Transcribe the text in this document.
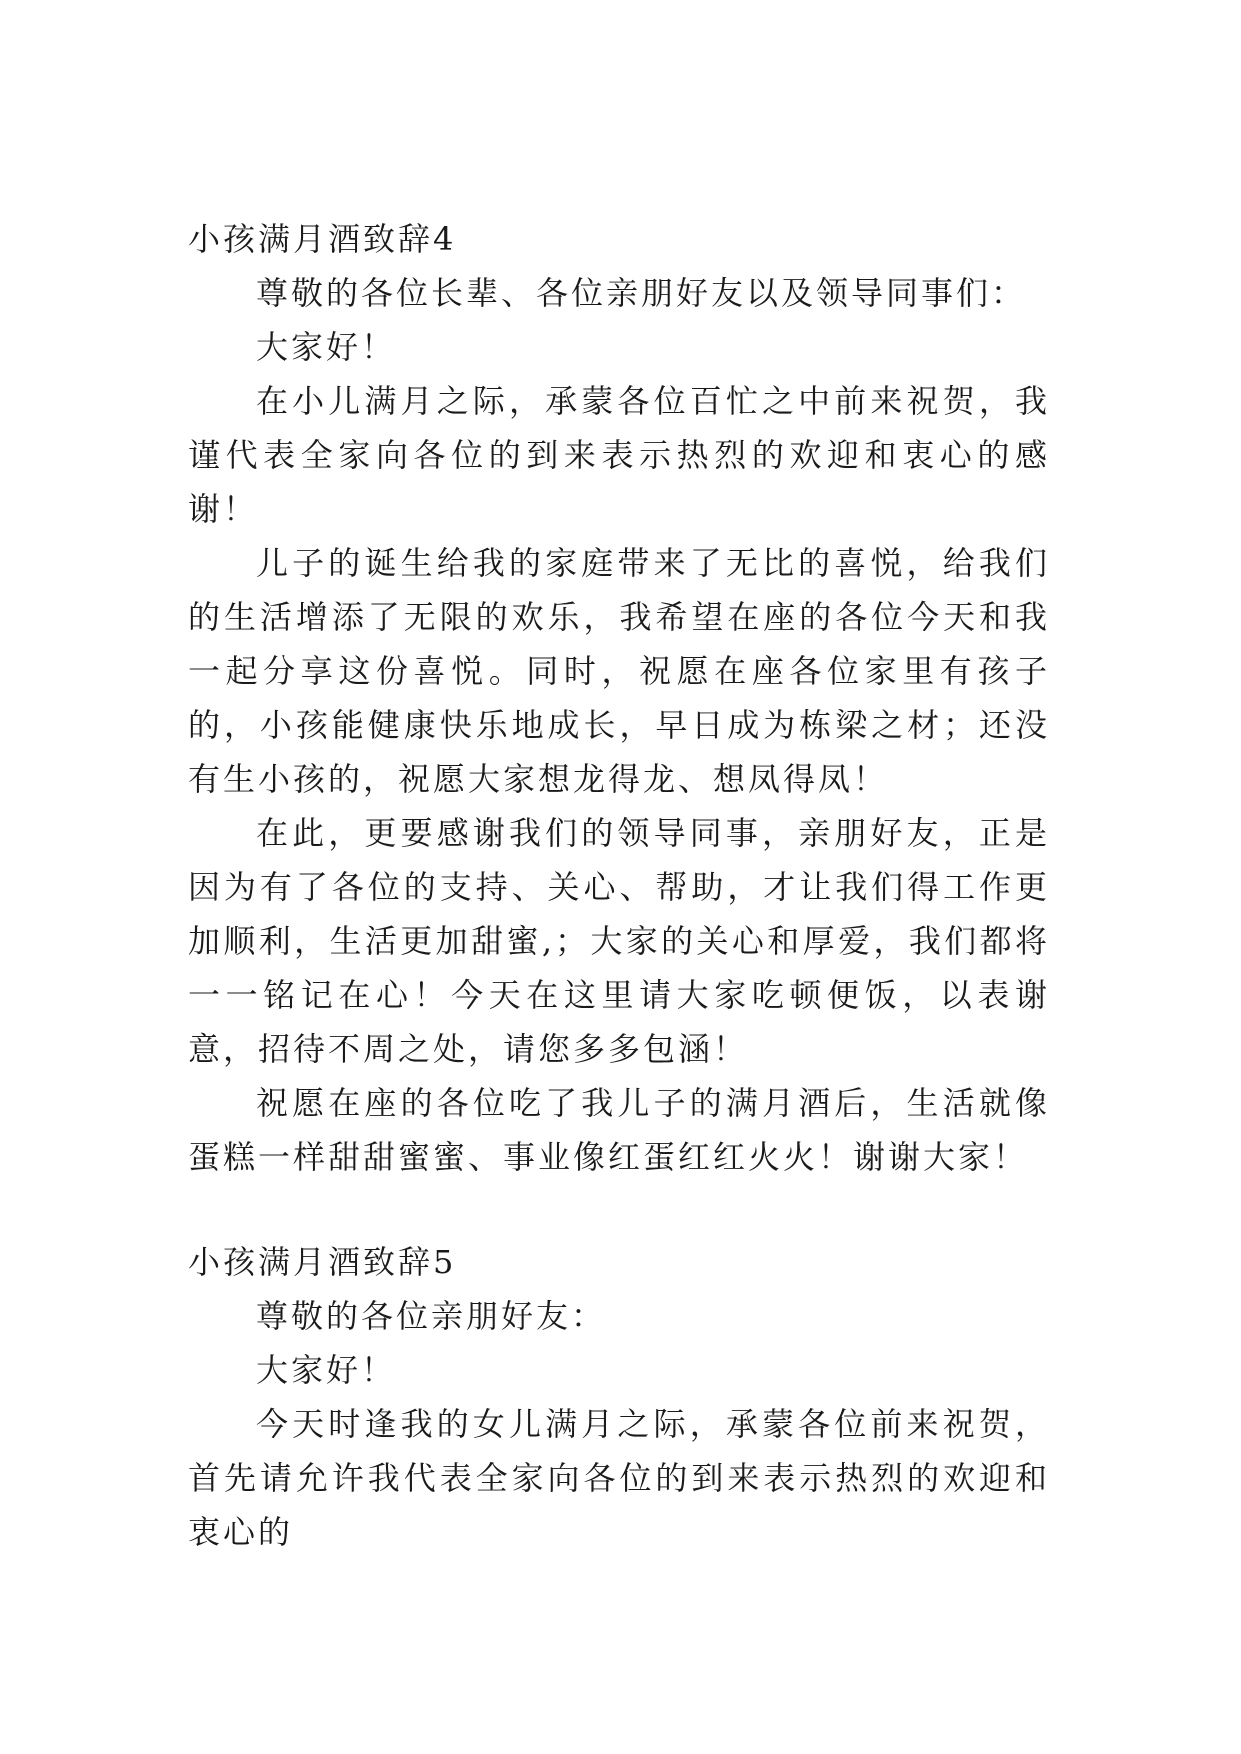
小孩满月酒致辞4

尊敬的各位长辈、各位亲朋好友以及领导同事们：

大家好！

在小儿满月之际，承蒙各位百忙之中前来祝贺，我谨代表全家向各位的到来表示热烈的欢迎和衷心的感谢！

儿子的诞生给我的家庭带来了无比的喜悦，给我们的生活增添了无限的欢乐，我希望在座的各位今天和我一起分享这份喜悦。同时，祝愿在座各位家里有孩子的，小孩能健康快乐地成长，早日成为栋梁之材；还没有生小孩的，祝愿大家想龙得龙、想凤得凤！

在此，更要感谢我们的领导同事，亲朋好友，正是因为有了各位的支持、关心、帮助，才让我们得工作更加顺利，生活更加甜蜜,；大家的关心和厚爱，我们都将一一铭记在心！今天在这里请大家吃顿便饭，以表谢意，招待不周之处，请您多多包涵！

祝愿在座的各位吃了我儿子的满月酒后，生活就像蛋糕一样甜甜蜜蜜、事业像红蛋红红火火！谢谢大家！

小孩满月酒致辞5

尊敬的各位亲朋好友：

大家好！

今天时逢我的女儿满月之际，承蒙各位前来祝贺，首先请允许我代表全家向各位的到来表示热烈的欢迎和衷心的
